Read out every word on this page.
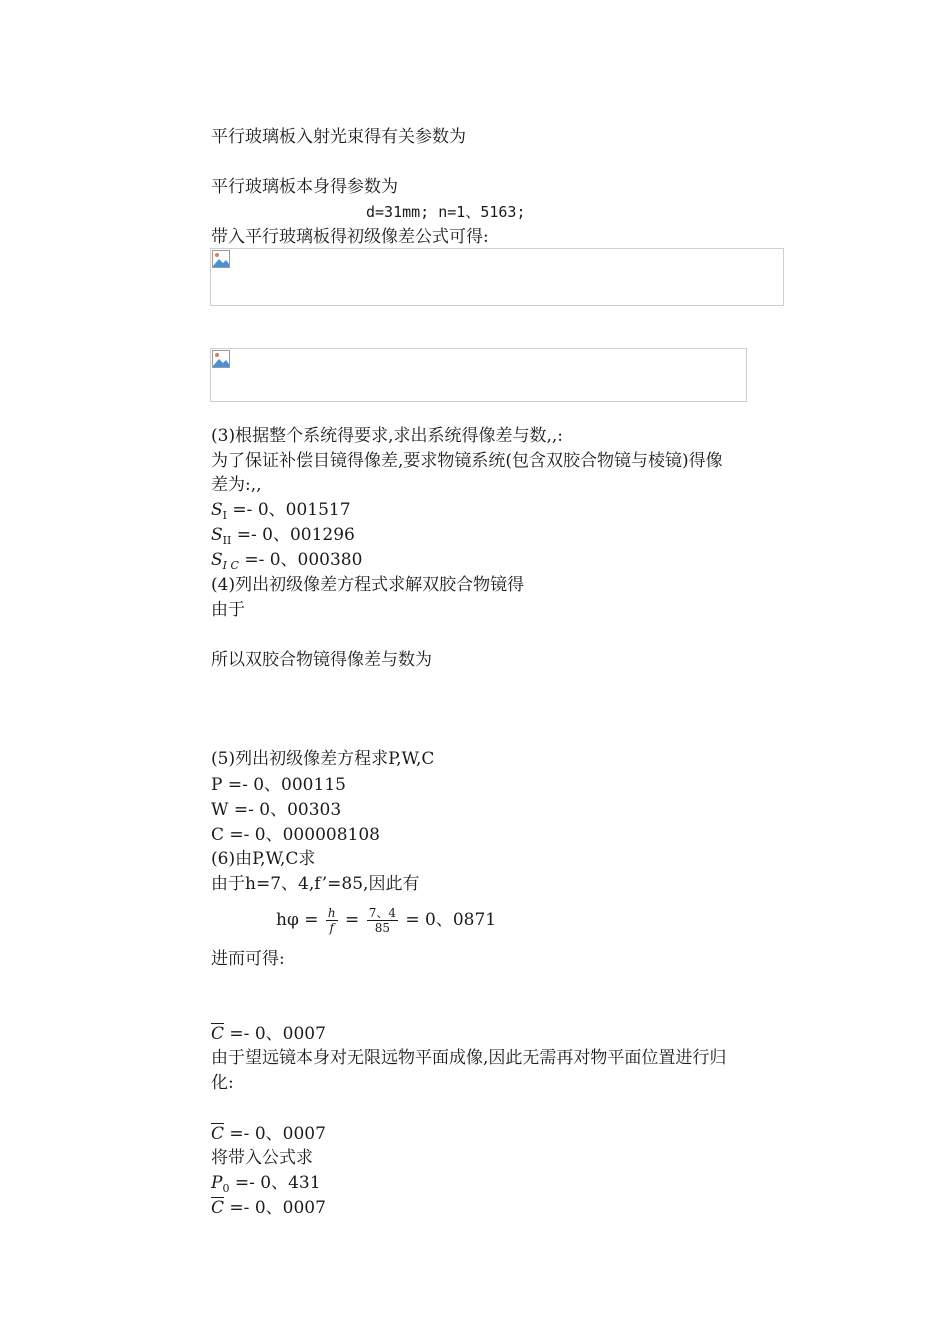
平行玻璃板入射光束得有关参数为
平行玻璃板本身得参数为
d=31mm; n=1、5163;
带入平行玻璃板得初级像差公式可得:
(3)根据整个系统得要求,求出系统得像差与数,,:
为了保证补偿目镜得像差,要求物镜系统(包含双胶合物镜与棱镜)得像
差为:,,
$S_I =- 0$、001517
$S_{II} =- 0$、001296
$S_{I C} =- 0$、000380
(4)列出初级像差方程式求解双胶合物镜得
由于
所以双胶合物镜得像差与数为
(5)列出初级像差方程求P,W,C
P =- 0、000115
W =- 0、00303
C =- 0、000008108
(6)由P,W,C求
由于h=7、4,f’=85,因此有
$h\varphi = \frac{h}{f} = \frac{7、4}{85} = 0$、0871
进而可得:
$\overline{C} =- 0$、0007
由于望远镜本身对无限远物平面成像,因此无需再对物平面位置进行归
化:
$\overline{C} =- 0$、0007
将带入公式求
$P_0 =- 0$、431
$\overline{C} =- 0$、0007
